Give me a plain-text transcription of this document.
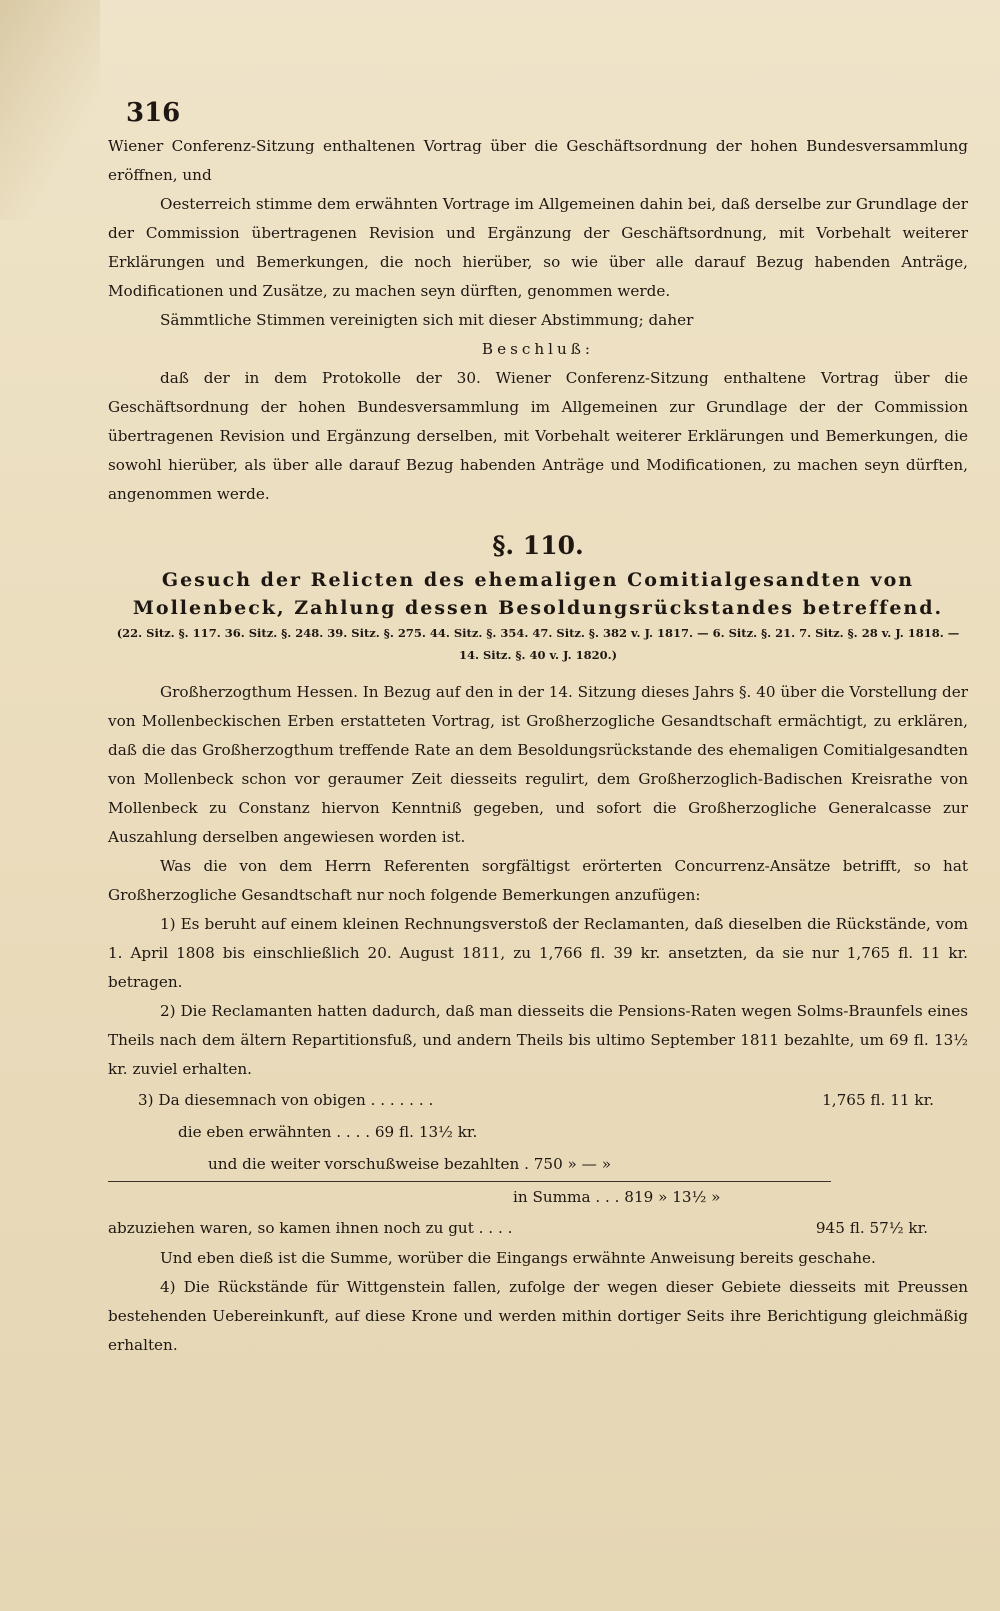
316

Wiener Conferenz-Sitzung enthaltenen Vortrag über die Geschäftsordnung der hohen Bundesversammlung eröffnen, und

Oesterreich stimme dem erwähnten Vortrage im Allgemeinen dahin bei, daß derselbe zur Grundlage der der Commission übertragenen Revision und Ergänzung der Geschäftsordnung, mit Vorbehalt weiterer Erklärungen und Bemerkungen, die noch hierüber, so wie über alle darauf Bezug habenden Anträge, Modificationen und Zusätze, zu machen seyn dürften, genommen werde.

Sämmtliche Stimmen vereinigten sich mit dieser Abstimmung; daher

Beschluß:

daß der in dem Protokolle der 30. Wiener Conferenz-Sitzung enthaltene Vortrag über die Geschäftsordnung der hohen Bundesversammlung im Allgemeinen zur Grundlage der der Commission übertragenen Revision und Ergänzung derselben, mit Vorbehalt weiterer Erklärungen und Bemerkungen, die sowohl hierüber, als über alle darauf Bezug habenden Anträge und Modificationen, zu machen seyn dürften, angenommen werde.

§. 110.
Gesuch der Relicten des ehemaligen Comitialgesandten von Mollenbeck, Zahlung dessen Besoldungsrückstandes betreffend.
(22. Sitz. §. 117. 36. Sitz. §. 248. 39. Sitz. §. 275. 44. Sitz. §. 354. 47. Sitz. §. 382 v. J. 1817. — 6. Sitz. §. 21. 7. Sitz. §. 28 v. J. 1818. — 14. Sitz. §. 40 v. J. 1820.)

Großherzogthum Hessen. In Bezug auf den in der 14. Sitzung dieses Jahrs §. 40 über die Vorstellung der von Mollenbeckischen Erben erstatteten Vortrag, ist Großherzogliche Gesandtschaft ermächtigt, zu erklären, daß die das Großherzogthum treffende Rate an dem Besoldungsrückstande des ehemaligen Comitialgesandten von Mollenbeck schon vor geraumer Zeit diesseits regulirt, dem Großherzoglich-Badischen Kreisrathe von Mollenbeck zu Constanz hiervon Kenntniß gegeben, und sofort die Großherzogliche Generalcasse zur Auszahlung derselben angewiesen worden ist.

Was die von dem Herrn Referenten sorgfältigst erörterten Concurrenz-Ansätze betrifft, so hat Großherzogliche Gesandtschaft nur noch folgende Bemerkungen anzufügen:

1) Es beruht auf einem kleinen Rechnungsverstoß der Reclamanten, daß dieselben die Rückstände, vom 1. April 1808 bis einschließlich 20. August 1811, zu 1,766 fl. 39 kr. ansetzten, da sie nur 1,765 fl. 11 kr. betragen.

2) Die Reclamanten hatten dadurch, daß man diesseits die Pensions-Raten wegen Solms-Braunfels eines Theils nach dem ältern Repartitionsfuß, und andern Theils bis ultimo September 1811 bezahlte, um 69 fl. 13½ kr. zuviel erhalten.

3) Da diesemnach von obigen . . . . . . .	1,765 fl. 11 kr.
die eben erwähnten . . . . 69 fl. 13½ kr.
und die weiter vorschußweise bezahlten . 750 » — »
in Summa . . . 819 » 13½ »
abzuziehen waren, so kamen ihnen noch zu gut . . . .	945 fl. 57½ kr.

Und eben dieß ist die Summe, worüber die Eingangs erwähnte Anweisung bereits geschahe.

4) Die Rückstände für Wittgenstein fallen, zufolge der wegen dieser Gebiete diesseits mit Preussen bestehenden Uebereinkunft, auf diese Krone und werden mithin dortiger Seits ihre Berichtigung gleichmäßig erhalten.
